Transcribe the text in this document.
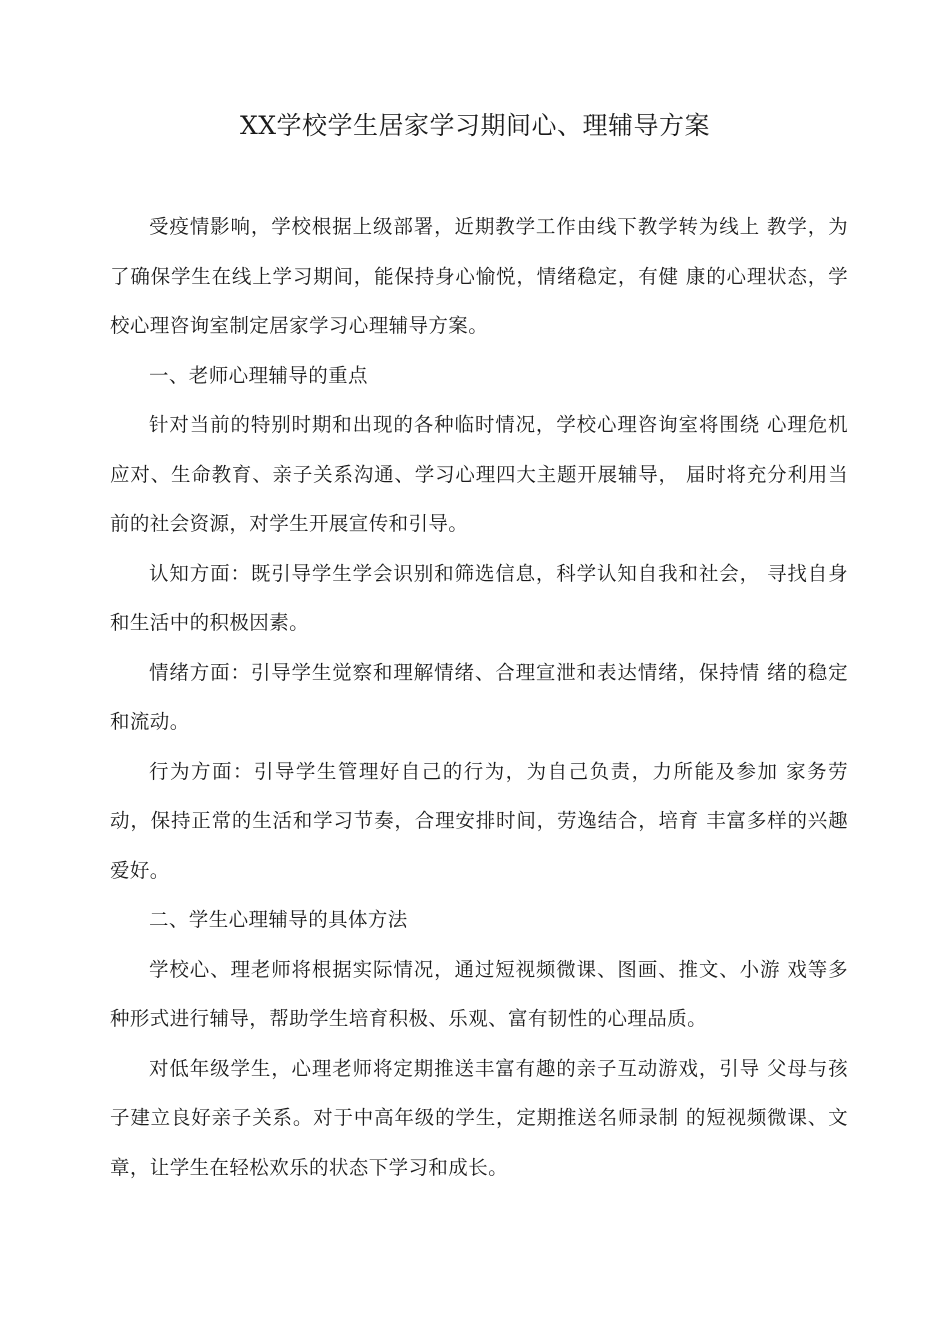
XX学校学生居家学习期间心、理辅导方案

受疫情影响，学校根据上级部署，近期教学工作由线下教学转为线上 教学，为了确保学生在线上学习期间，能保持身心愉悦，情绪稳定，有健 康的心理状态，学校心理咨询室制定居家学习心理辅导方案。

一、老师心理辅导的重点

针对当前的特别时期和出现的各种临时情况，学校心理咨询室将围绕 心理危机应对、生命教育、亲子关系沟通、学习心理四大主题开展辅导， 届时将充分利用当前的社会资源，对学生开展宣传和引导。

认知方面：既引导学生学会识别和筛选信息，科学认知自我和社会， 寻找自身和生活中的积极因素。

情绪方面：引导学生觉察和理解情绪、合理宣泄和表达情绪，保持情 绪的稳定和流动。

行为方面：引导学生管理好自己的行为，为自己负责，力所能及参加 家务劳动，保持正常的生活和学习节奏，合理安排时间，劳逸结合，培育 丰富多样的兴趣爱好。

二、学生心理辅导的具体方法

学校心、理老师将根据实际情况，通过短视频微课、图画、推文、小游 戏等多种形式进行辅导，帮助学生培育积极、乐观、富有韧性的心理品质。

对低年级学生，心理老师将定期推送丰富有趣的亲子互动游戏，引导 父母与孩子建立良好亲子关系。对于中高年级的学生，定期推送名师录制 的短视频微课、文章，让学生在轻松欢乐的状态下学习和成长。
